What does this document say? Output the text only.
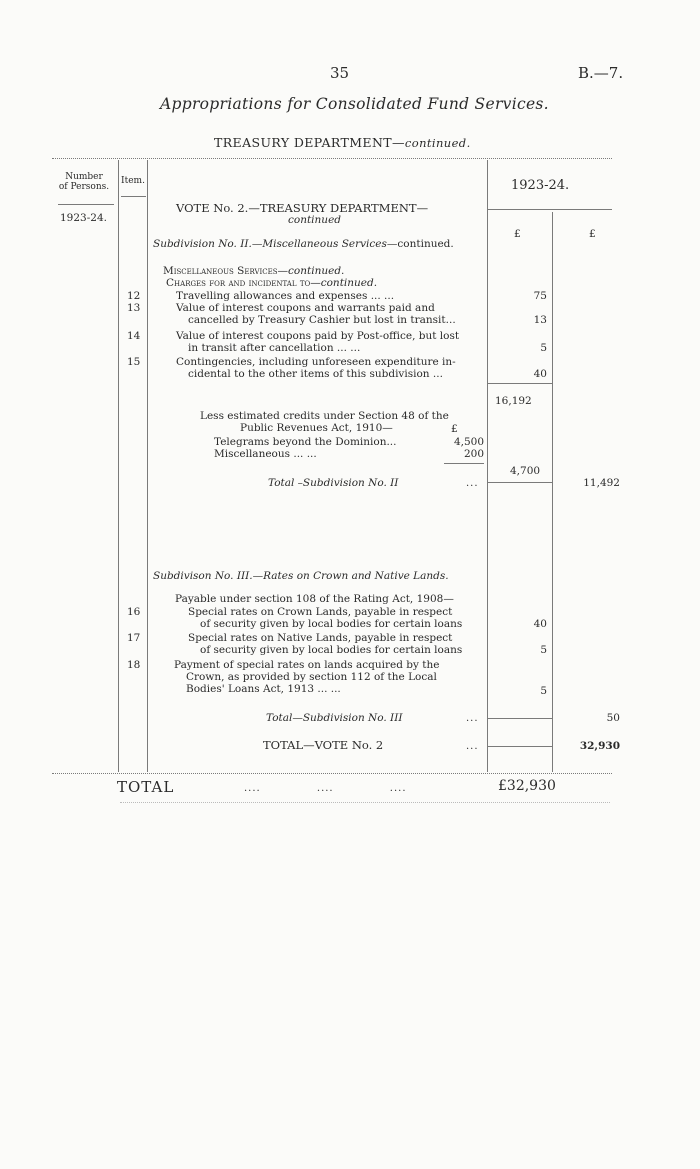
35	B.—7.
Appropriations for Consolidated Fund Services.
TREASURY DEPARTMENT—continued.
Number
of Persons.
Item.	1923-24.
1923-24.
£	£
VOTE No. 2.—TREASURY DEPARTMENT—
continued
Subdivision No. II.—Miscellaneous Services—continued.
Miscellaneous Services—continued.
Charges for and incidental to—continued.
12	Travelling allowances and expenses ... ...	75
13	Value of interest coupons and warrants paid and
cancelled by Treasury Cashier but lost in transit...	13
14	Value of interest coupons paid by Post-office, but lost
in transit after cancellation ... ...	5
15	Contingencies, including unforeseen expenditure in-
cidental to the other items of this subdivision ...	40
16,192
Less estimated credits under Section 48 of the
Public Revenues Act, 1910—	£
Telegrams beyond the Dominion...	4,500
Miscellaneous ... ...	200
4,700
Total –Subdivision No. II	...	11,492
Subdivison No. III.—Rates on Crown and Native Lands.
Payable under section 108 of the Rating Act, 1908—
16	Special rates on Crown Lands, payable in respect
of security given by local bodies for certain loans	40
17	Special rates on Native Lands, payable in respect
of security given by local bodies for certain loans	5
18	Payment of special rates on lands acquired by the
Crown, as provided by section 112 of the Local
Bodies' Loans Act, 1913 ... ...	5
Total—Subdivision No. III	...	50
TOTAL—VOTE No. 2	...	32,930
TOTAL	.... .... ....	£32,930
